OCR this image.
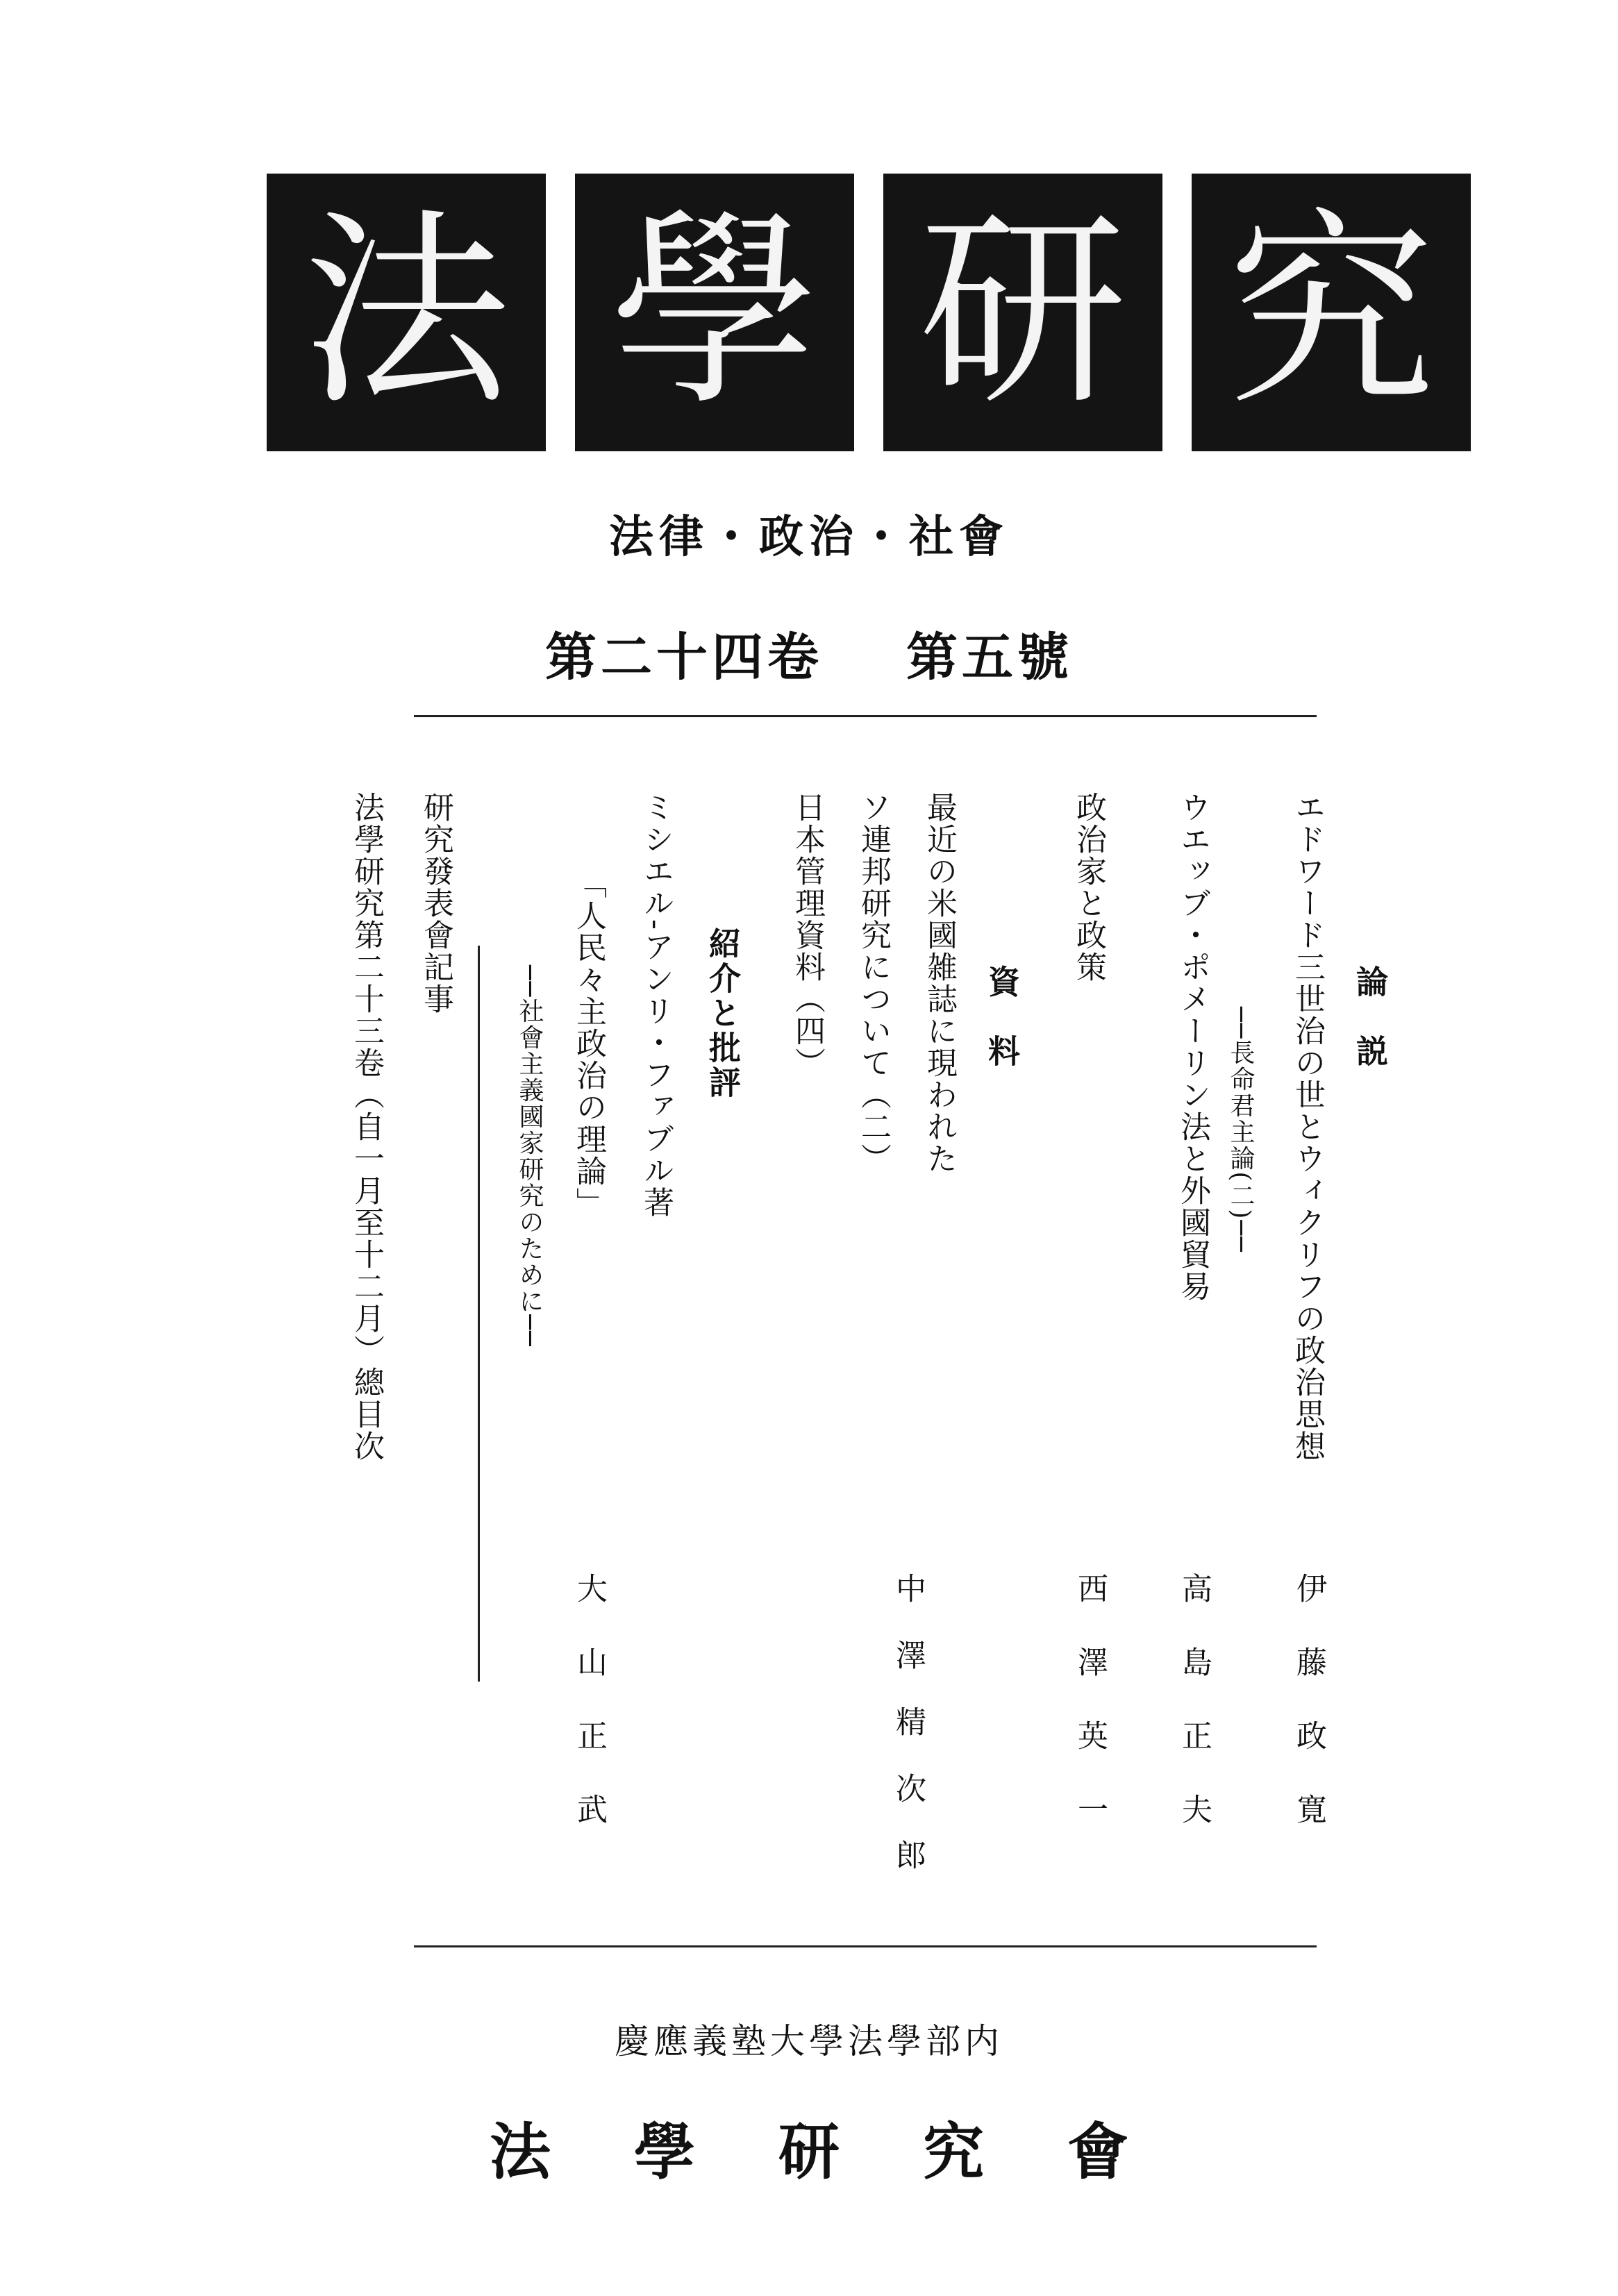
法 學 研 究
法律・政治・社會
第二十四卷 第五號
論　説
エドワード三世治の世とウィクリフの政治思想
伊藤政寛
ウエッブ・ポメーリン法と外國貿易 ──長命君主論(二)──
高島正夫
政治家と政策
西澤英一
資　料
最近の米國雑誌に現われた
ソ連邦研究について（二）
中澤精次郎
日本管理資料（四）
紹介と批評
ミシエル-アンリ・ファブル著
「人民々主政治の理論」
──社會主義國家研究のために──
大山正武
研究發表會記事
法學研究第二十三卷（自一月至十二月）總目次
慶應義塾大學法學部内
法學研究會
